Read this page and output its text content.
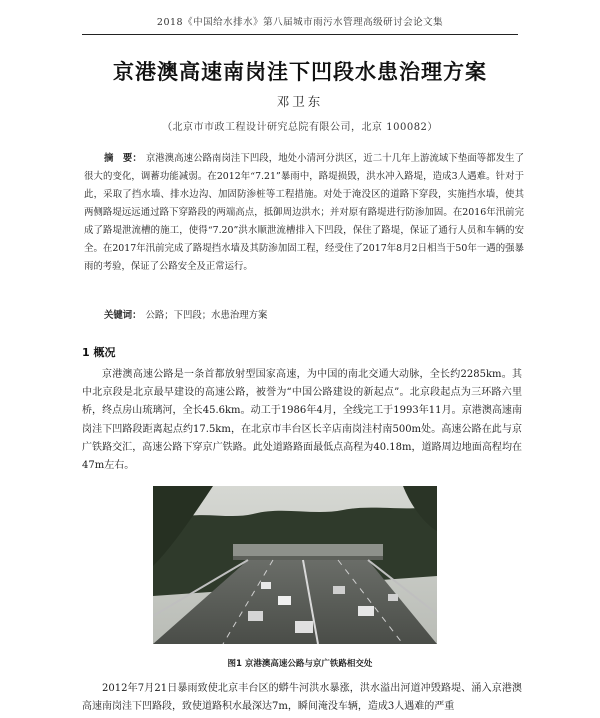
2018《中国给水排水》第八届城市雨污水管理高级研讨会论文集
京港澳高速南岗洼下凹段水患治理方案
邓卫东
（北京市市政工程设计研究总院有限公司，北京 100082）
摘　要： 京港澳高速公路南岗洼下凹段，地处小清河分洪区，近二十几年上游流域下垫面等都发生了很大的变化，调蓄功能减弱。在2012年“7.21”暴雨中，路堤损毁，洪水冲入路堤，造成3人遇难。针对于此，采取了挡水墙、排水边沟、加固防渗桩等工程措施。对处于淹没区的道路下穿段，实施挡水墙，使其两侧路堤远远通过路下穿路段的两端高点，抵御周边洪水；并对原有路堤进行防渗加固。在2016年汛前完成了路堤泄流槽的施工，使得“7.20”洪水顺泄流槽排入下凹段，保住了路堤，保证了通行人员和车辆的安全。在2017年汛前完成了路堤挡水墙及其防渗加固工程，经受住了2017年8月2日相当于50年一遇的强暴雨的考验，保证了公路安全及正常运行。
关键词： 公路；下凹段；水患治理方案
1 概况

京港澳高速公路是一条首都放射型国家高速，为中国的南北交通大动脉，全长约2285km。其中北京段是北京最早建设的高速公路，被誉为“中国公路建设的新起点”。北京段起点为三环路六里桥，终点房山琉璃河，全长45.6km。动工于1986年4月，全线完工于1993年11月。京港澳高速南岗洼下凹路段距离起点约17.5km，在北京市丰台区长辛店南岗洼村南500m处。高速公路在此与京广铁路交汇，高速公路下穿京广铁路。此处道路路面最低点高程为40.18m，道路周边地面高程均在47m左右。

图1 京港澳高速公路与京广铁路相交处

2012年7月21日暴雨致使北京丰台区的蟒牛河洪水暴涨，洪水溢出河道冲毁路堤、涌入京港澳高速南岗洼下凹路段，致使道路积水最深达7m，瞬间淹没车辆，造成3人遇难的严重
